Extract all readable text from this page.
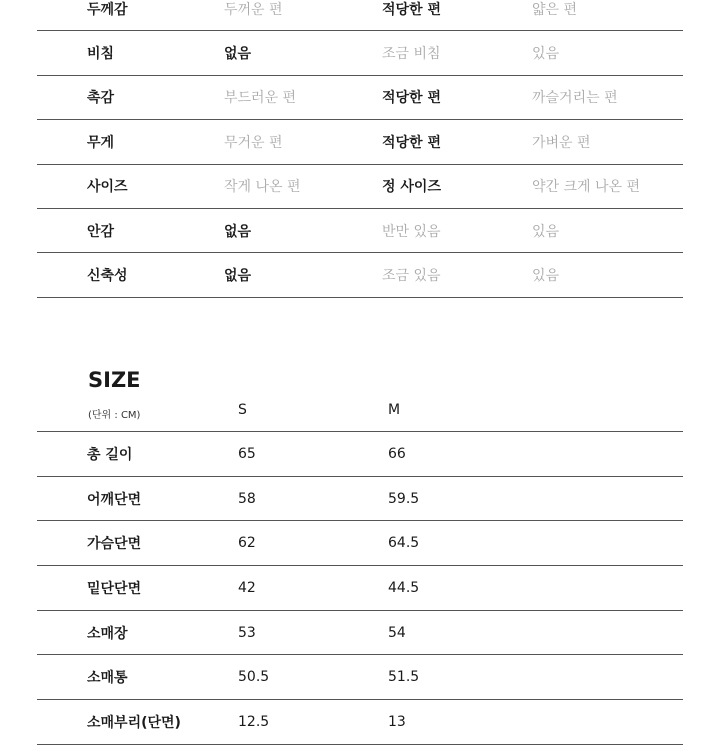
두께감	두꺼운 편	적당한 편	얇은 편
비침	없음	조금 비침	있음
촉감	부드러운 편	적당한 편	까슬거리는 편
무게	무거운 편	적당한 편	가벼운 편
사이즈	작게 나온 편	정 사이즈	약간 크게 나온 편
안감	없음	반만 있음	있음
신축성	없음	조금 있음	있음
SIZE
(단위 : CM)	S	M
총 길이	65	66
어깨단면	58	59.5
가슴단면	62	64.5
밑단단면	42	44.5
소매장	53	54
소매통	50.5	51.5
소매부리(단면)	12.5	13
